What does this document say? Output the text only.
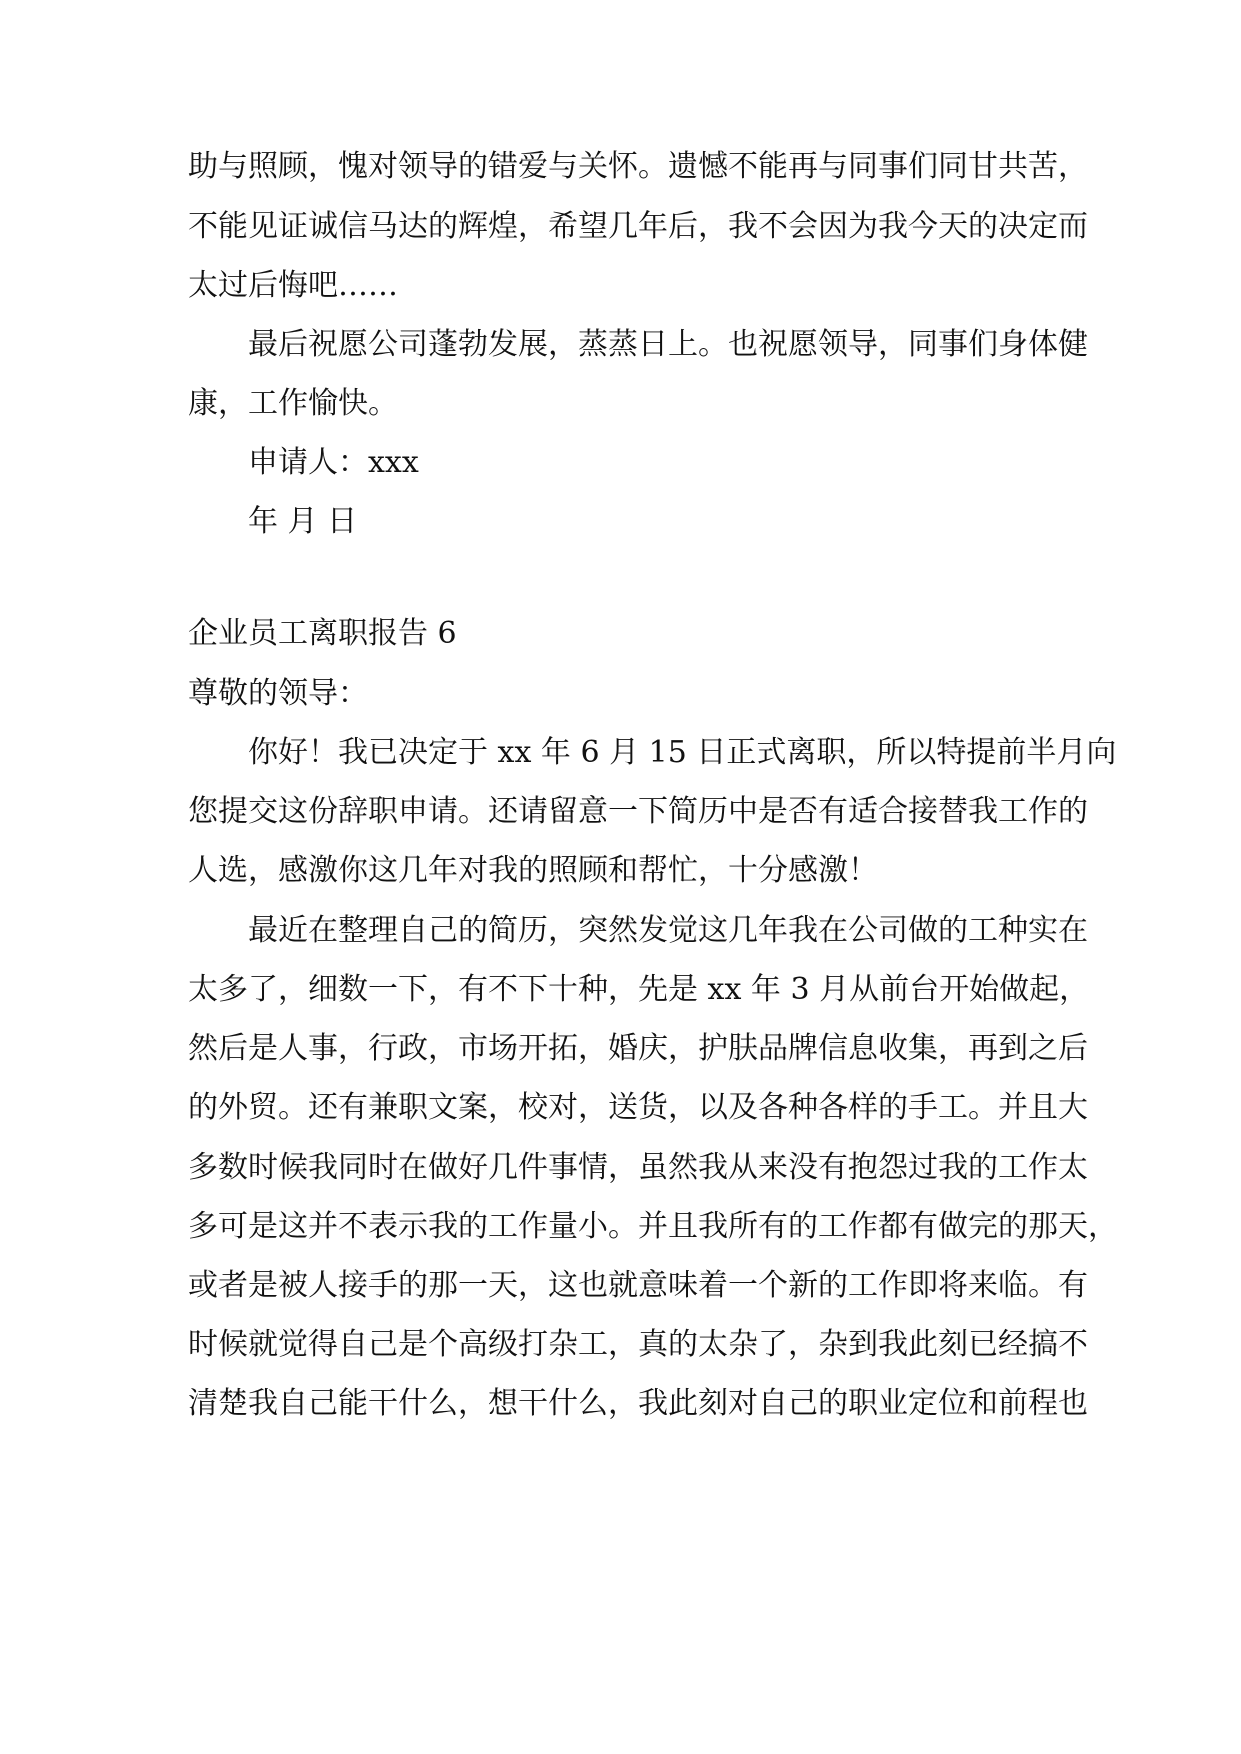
助与照顾，愧对领导的错爱与关怀。遗憾不能再与同事们同甘共苦，
不能见证诚信马达的辉煌，希望几年后，我不会因为我今天的决定而
太过后悔吧……
最后祝愿公司蓬勃发展，蒸蒸日上。也祝愿领导，同事们身体健
康，工作愉快。
申请人：xxx
年 月 日
企业员工离职报告 6
尊敬的领导：
你好！我已决定于 xx 年 6 月 15 日正式离职，所以特提前半月向
您提交这份辞职申请。还请留意一下简历中是否有适合接替我工作的
人选，感激你这几年对我的照顾和帮忙，十分感激！
最近在整理自己的简历，突然发觉这几年我在公司做的工种实在
太多了，细数一下，有不下十种，先是 xx 年 3 月从前台开始做起，
然后是人事，行政，市场开拓，婚庆，护肤品牌信息收集，再到之后
的外贸。还有兼职文案，校对，送货，以及各种各样的手工。并且大
多数时候我同时在做好几件事情，虽然我从来没有抱怨过我的工作太
多可是这并不表示我的工作量小。并且我所有的工作都有做完的那天，
或者是被人接手的那一天，这也就意味着一个新的工作即将来临。有
时候就觉得自己是个高级打杂工，真的太杂了，杂到我此刻已经搞不
清楚我自己能干什么，想干什么，我此刻对自己的职业定位和前程也
